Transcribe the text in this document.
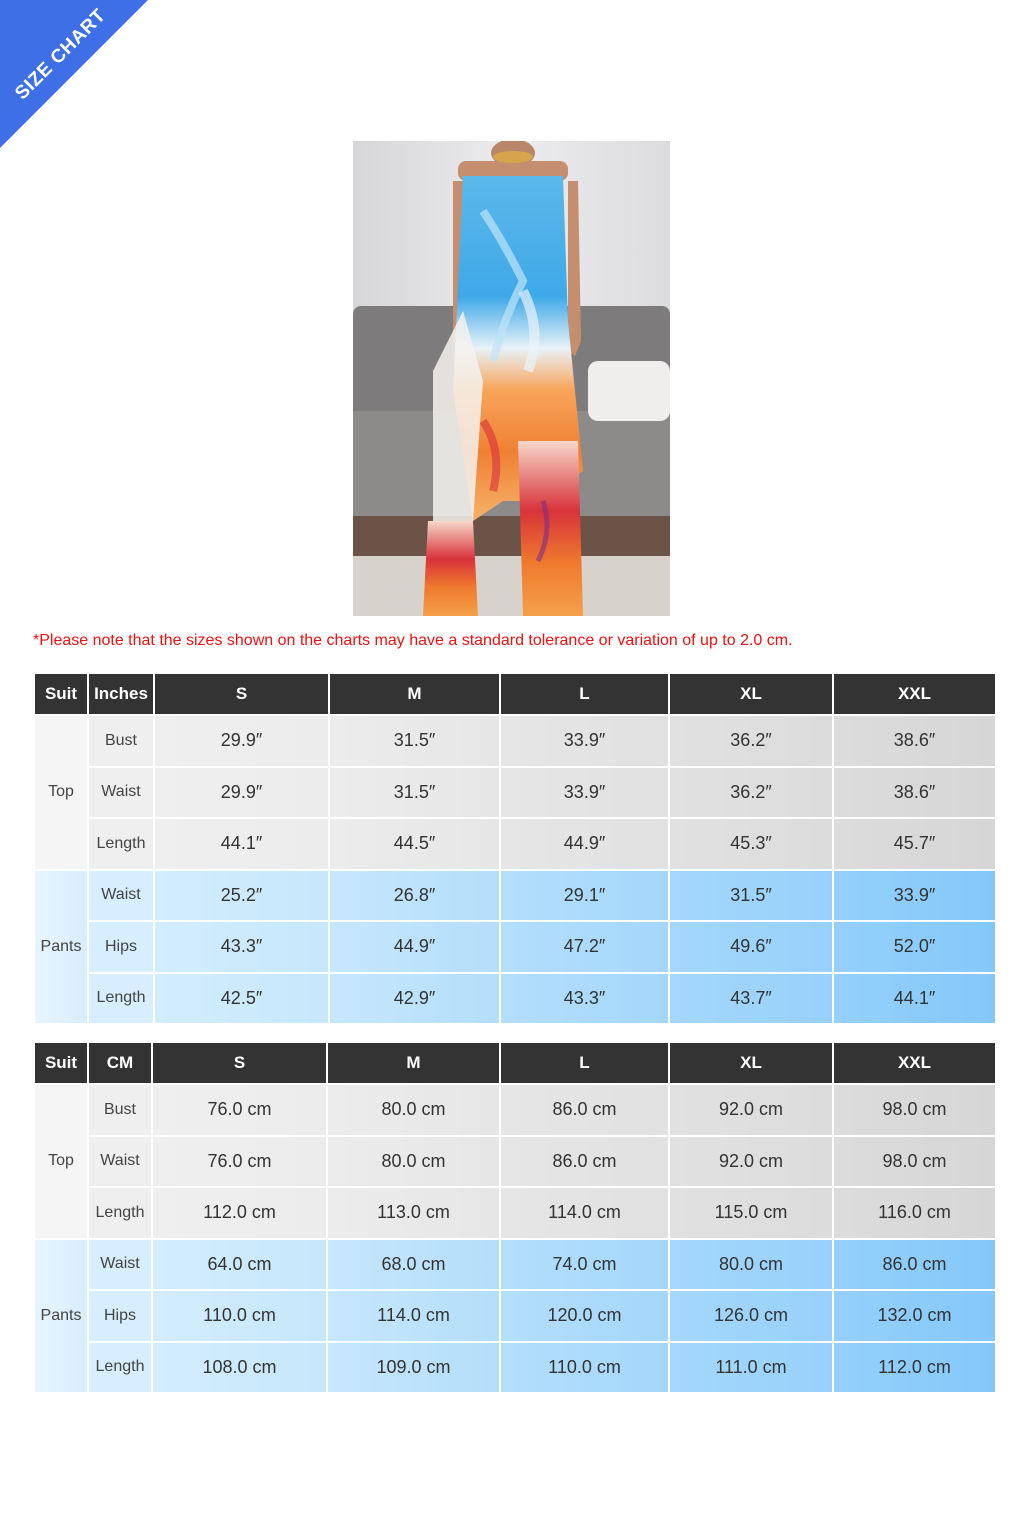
SIZE CHART
*Please note that the sizes shown on the charts may have a standard tolerance or variation of up to 2.0 cm.
Suit	Inches	S	M	L	XL	XXL
Top	Bust	29.9″	31.5″	33.9″	36.2″	38.6″
	Waist	29.9″	31.5″	33.9″	36.2″	38.6″
	Length	44.1″	44.5″	44.9″	45.3″	45.7″
Pants	Waist	25.2″	26.8″	29.1″	31.5″	33.9″
	Hips	43.3″	44.9″	47.2″	49.6″	52.0″
	Length	42.5″	42.9″	43.3″	43.7″	44.1″
Suit	CM	S	M	L	XL	XXL
Top	Bust	76.0 cm	80.0 cm	86.0 cm	92.0 cm	98.0 cm
	Waist	76.0 cm	80.0 cm	86.0 cm	92.0 cm	98.0 cm
	Length	112.0 cm	113.0 cm	114.0 cm	115.0 cm	116.0 cm
Pants	Waist	64.0 cm	68.0 cm	74.0 cm	80.0 cm	86.0 cm
	Hips	110.0 cm	114.0 cm	120.0 cm	126.0 cm	132.0 cm
	Length	108.0 cm	109.0 cm	110.0 cm	111.0 cm	112.0 cm
